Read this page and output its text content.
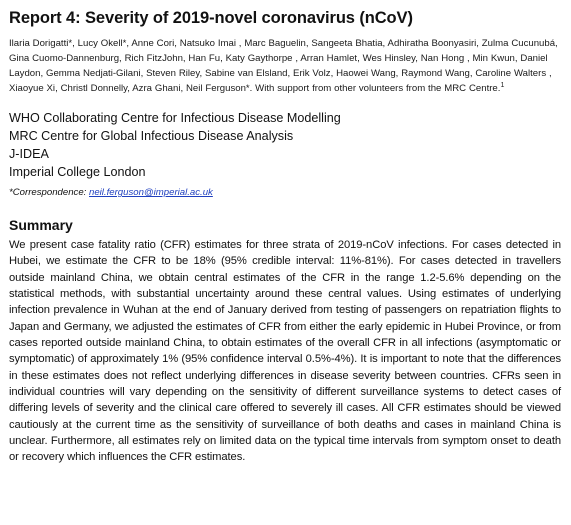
Report 4: Severity of 2019-novel coronavirus (nCoV)
Ilaria Dorigatti*, Lucy Okell*, Anne Cori, Natsuko Imai , Marc Baguelin, Sangeeta Bhatia, Adhiratha Boonyasiri, Zulma Cucunubá, Gina Cuomo-Dannenburg, Rich FitzJohn, Han Fu, Katy Gaythorpe , Arran Hamlet, Wes Hinsley, Nan Hong , Min Kwun, Daniel Laydon, Gemma Nedjati-Gilani, Steven Riley, Sabine van Elsland, Erik Volz, Haowei Wang, Raymond Wang, Caroline Walters , Xiaoyue Xi, Christl Donnelly, Azra Ghani, Neil Ferguson*. With support from other volunteers from the MRC Centre.$^1$
WHO Collaborating Centre for Infectious Disease Modelling
MRC Centre for Global Infectious Disease Analysis
J-IDEA
Imperial College London
*Correspondence: neil.ferguson@imperial.ac.uk
Summary

We present case fatality ratio (CFR) estimates for three strata of 2019-nCoV infections. For cases detected in Hubei, we estimate the CFR to be 18% (95% credible interval: 11%-81%). For cases detected in travellers outside mainland China, we obtain central estimates of the CFR in the range 1.2-5.6% depending on the statistical methods, with substantial uncertainty around these central values. Using estimates of underlying infection prevalence in Wuhan at the end of January derived from testing of passengers on repatriation flights to Japan and Germany, we adjusted the estimates of CFR from either the early epidemic in Hubei Province, or from cases reported outside mainland China, to obtain estimates of the overall CFR in all infections (asymptomatic or symptomatic) of approximately 1% (95% confidence interval 0.5%-4%). It is important to note that the differences in these estimates does not reflect underlying differences in disease severity between countries. CFRs seen in individual countries will vary depending on the sensitivity of different surveillance systems to detect cases of differing levels of severity and the clinical care offered to severely ill cases. All CFR estimates should be viewed cautiously at the current time as the sensitivity of surveillance of both deaths and cases in mainland China is unclear. Furthermore, all estimates rely on limited data on the typical time intervals from symptom onset to death or recovery which influences the CFR estimates.
